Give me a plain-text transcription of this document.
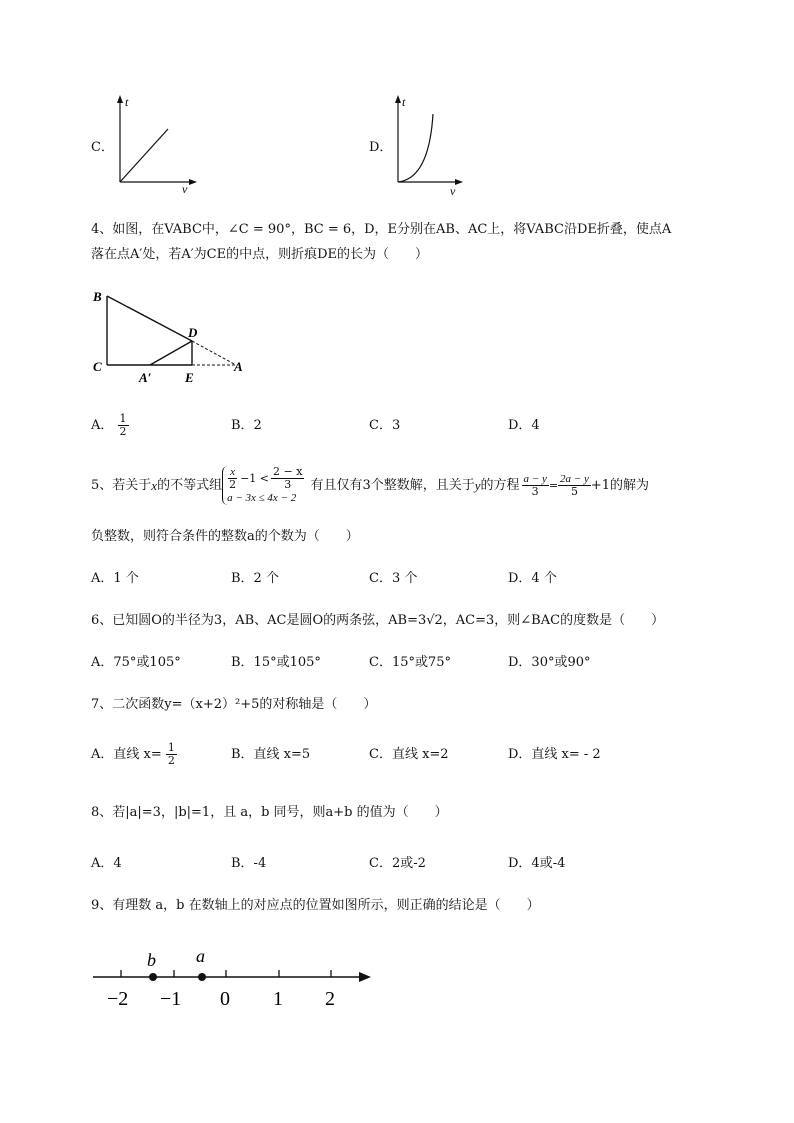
C．
t
v
D．
t
v
4、如图，在VABC中，∠C = 90°，BC = 6，D，E分别在AB、AC上，将VABC沿DE折叠，使点A
落在点A′处，若A′为CE的中点，则折痕DE的长为（　　）
B
C
D
A′	E
A
A． $\frac{1}{2}$	B．2	C．3	D．4
5、若关于 x 的不等式组 $\frac{x}{2} -1 < \frac{2 - x}{3}$
a − 3x ≤ 4x − 2
有且仅有3个整数解，且关于 y 的方程 $\frac{a - y}{3} = \frac{2a - y}{5} +1$ 的解为
负整数，则符合条件的整数a的个数为（　　）
A．1 个	B．2 个	C．3 个	D．4 个
6、已知圆O的半径为3，AB、AC是圆O的两条弦，AB=3√2，AC=3，则∠BAC的度数是（　　）
A．75°或105°	B．15°或105°	C．15°或75°	D．30°或90°
7、二次函数y=（x+2）²+5的对称轴是（　　）
A．直线 $x= \frac{1}{2}$	B．直线 x=5	C．直线 x=2	D．直线 x= - 2
8、若|a|=3，|b|=1，且 a，b 同号，则a+b 的值为（　　）
A．4	B．-4	C．2或-2	D．4或-4
9、有理数 a，b 在数轴上的对应点的位置如图所示，则正确的结论是（　　）
b a
−2 −1 0 1 2
